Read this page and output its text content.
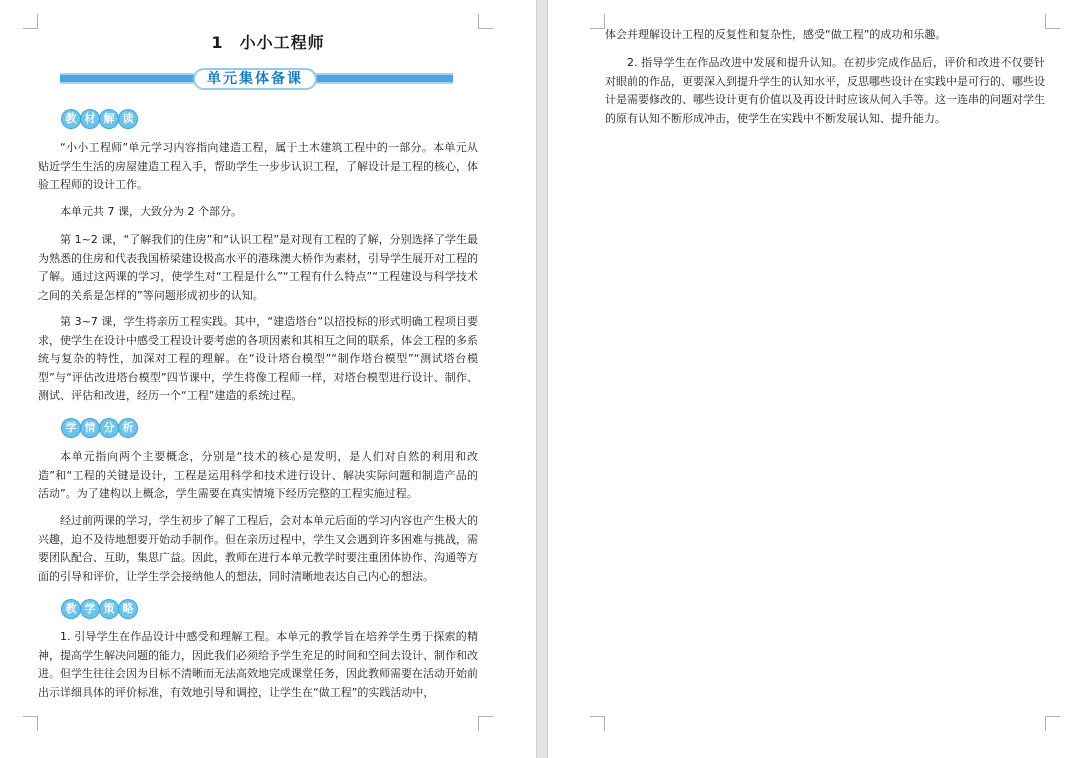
1 小小工程师
单元集体备课
教 材 解 读

“小小工程师”单元学习内容指向建造工程，属于土木建筑工程中的一部分。本单元从贴近学生生活的房屋建造工程入手，帮助学生一步步认识工程，了解设计是工程的核心，体验工程师的设计工作。

本单元共 7 课，大致分为 2 个部分。

第 1~2 课，“了解我们的住房”和“认识工程”是对现有工程的了解，分别选择了学生最为熟悉的住房和代表我国桥梁建设极高水平的港珠澳大桥作为素材，引导学生展开对工程的了解。通过这两课的学习，使学生对“工程是什么”“工程有什么特点”“工程建设与科学技术之间的关系是怎样的”等问题形成初步的认知。

第 3~7 课，学生将亲历工程实践。其中，“建造塔台”以招投标的形式明确工程项目要求，使学生在设计中感受工程设计要考虑的各项因素和其相互之间的联系，体会工程的多系统与复杂的特性，加深对工程的理解。在“设计塔台模型”“制作塔台模型”“测试塔台模型”与“评估改进塔台模型”四节课中，学生将像工程师一样，对塔台模型进行设计、制作、测试、评估和改进，经历一个“工程”建造的系统过程。

学 情 分 析

本单元指向两个主要概念，分别是“技术的核心是发明，是人们对自然的利用和改造”和“工程的关键是设计，工程是运用科学和技术进行设计、解决实际问题和制造产品的活动”。为了建构以上概念，学生需要在真实情境下经历完整的工程实施过程。

经过前两课的学习，学生初步了解了工程后，会对本单元后面的学习内容也产生极大的兴趣，迫不及待地想要开始动手制作。但在亲历过程中，学生又会遇到许多困难与挑战，需要团队配合、互助，集思广益。因此，教师在进行本单元教学时要注重团体协作、沟通等方面的引导和评价，让学生学会接纳他人的想法，同时清晰地表达自己内心的想法。

教 学 策 略

1. 引导学生在作品设计中感受和理解工程。本单元的教学旨在培养学生勇于探索的精神，提高学生解决问题的能力，因此我们必须给予学生充足的时间和空间去设计、制作和改进。但学生往往会因为目标不清晰而无法高效地完成课堂任务，因此教师需要在活动开始前出示详细具体的评价标准，有效地引导和调控，让学生在“做工程”的实践活动中，

体会并理解设计工程的反复性和复杂性，感受“做工程”的成功和乐趣。

2. 指导学生在作品改进中发展和提升认知。在初步完成作品后，评价和改进不仅要针对眼前的作品，更要深入到提升学生的认知水平，反思哪些设计在实践中是可行的、哪些设计是需要修改的、哪些设计更有价值以及再设计时应该从何入手等。这一连串的问题对学生的原有认知不断形成冲击，使学生在实践中不断发展认知、提升能力。
